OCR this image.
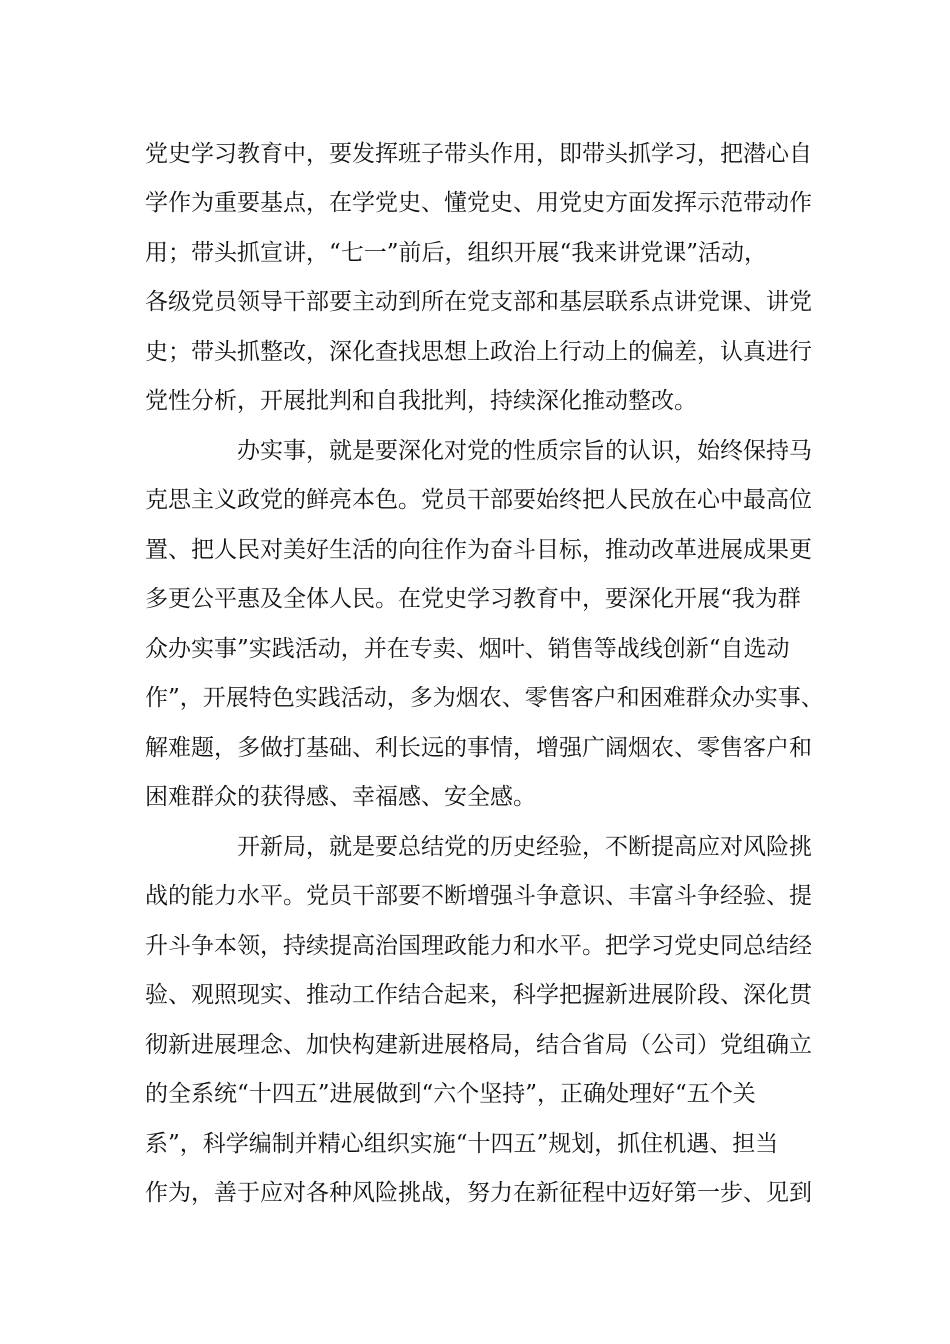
党史学习教育中，要发挥班子带头作用，即带头抓学习，把潜心自
学作为重要基点，在学党史、懂党史、用党史方面发挥示范带动作
用；带头抓宣讲，“七一”前后，组织开展“我来讲党课”活动，
各级党员领导干部要主动到所在党支部和基层联系点讲党课、讲党
史；带头抓整改，深化查找思想上政治上行动上的偏差，认真进行
党性分析，开展批判和自我批判，持续深化推动整改。
办实事，就是要深化对党的性质宗旨的认识，始终保持马
克思主义政党的鲜亮本色。党员干部要始终把人民放在心中最高位
置、把人民对美好生活的向往作为奋斗目标，推动改革进展成果更
多更公平惠及全体人民。在党史学习教育中，要深化开展“我为群
众办实事”实践活动，并在专卖、烟叶、销售等战线创新“自选动
作”，开展特色实践活动，多为烟农、零售客户和困难群众办实事、
解难题，多做打基础、利长远的事情，增强广阔烟农、零售客户和
困难群众的获得感、幸福感、安全感。
开新局，就是要总结党的历史经验，不断提高应对风险挑
战的能力水平。党员干部要不断增强斗争意识、丰富斗争经验、提
升斗争本领，持续提高治国理政能力和水平。把学习党史同总结经
验、观照现实、推动工作结合起来，科学把握新进展阶段、深化贯
彻新进展理念、加快构建新进展格局，结合省局（公司）党组确立
的全系统“十四五”进展做到“六个坚持”，正确处理好“五个关
系”，科学编制并精心组织实施“十四五”规划，抓住机遇、担当
作为，善于应对各种风险挑战，努力在新征程中迈好第一步、见到
